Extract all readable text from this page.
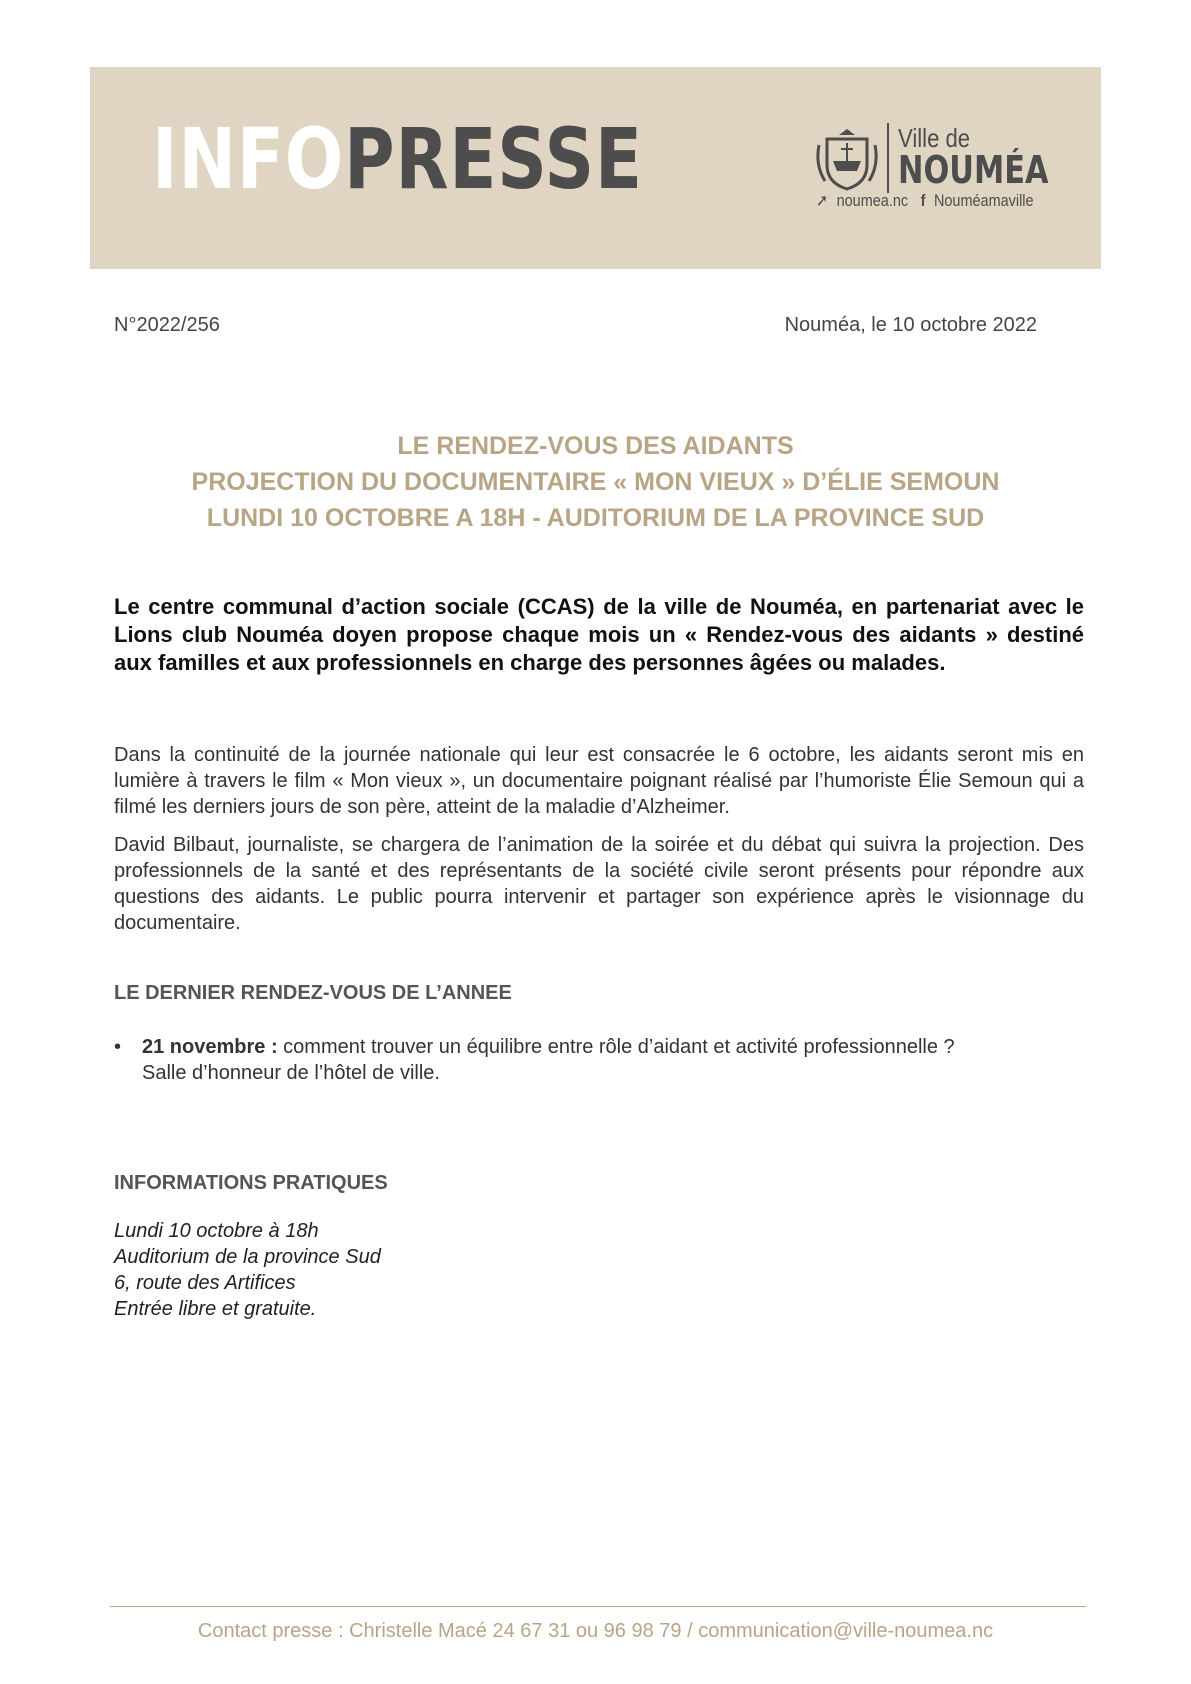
INFOPRESSE	Ville de
NOUMÉA
➚ noumea.nc f Nouméamaville
N°2022/256	Nouméa, le 10 octobre 2022
LE RENDEZ-VOUS DES AIDANTS
PROJECTION DU DOCUMENTAIRE « MON VIEUX » D’ÉLIE SEMOUN
LUNDI 10 OCTOBRE A 18H - AUDITORIUM DE LA PROVINCE SUD
Le centre communal d’action sociale (CCAS) de la ville de Nouméa, en partenariat avec le Lions club Nouméa doyen propose chaque mois un « Rendez-vous des aidants » destiné aux familles et aux professionnels en charge des personnes âgées ou malades.

Dans la continuité de la journée nationale qui leur est consacrée le 6 octobre, les aidants seront mis en lumière à travers le film « Mon vieux », un documentaire poignant réalisé par l’humoriste Élie Semoun qui a filmé les derniers jours de son père, atteint de la maladie d’Alzheimer.

David Bilbaut, journaliste, se chargera de l’animation de la soirée et du débat qui suivra la projection. Des professionnels de la santé et des représentants de la société civile seront présents pour répondre aux questions des aidants. Le public pourra intervenir et partager son expérience après le visionnage du documentaire.

LE DERNIER RENDEZ-VOUS DE L’ANNEE
• 21 novembre : comment trouver un équilibre entre rôle d’aidant et activité professionnelle ?
Salle d’honneur de l’hôtel de ville.
INFORMATIONS PRATIQUES
Lundi 10 octobre à 18h
Auditorium de la province Sud
6, route des Artifices
Entrée libre et gratuite.
Contact presse : Christelle Macé 24 67 31 ou 96 98 79 / communication@ville-noumea.nc
